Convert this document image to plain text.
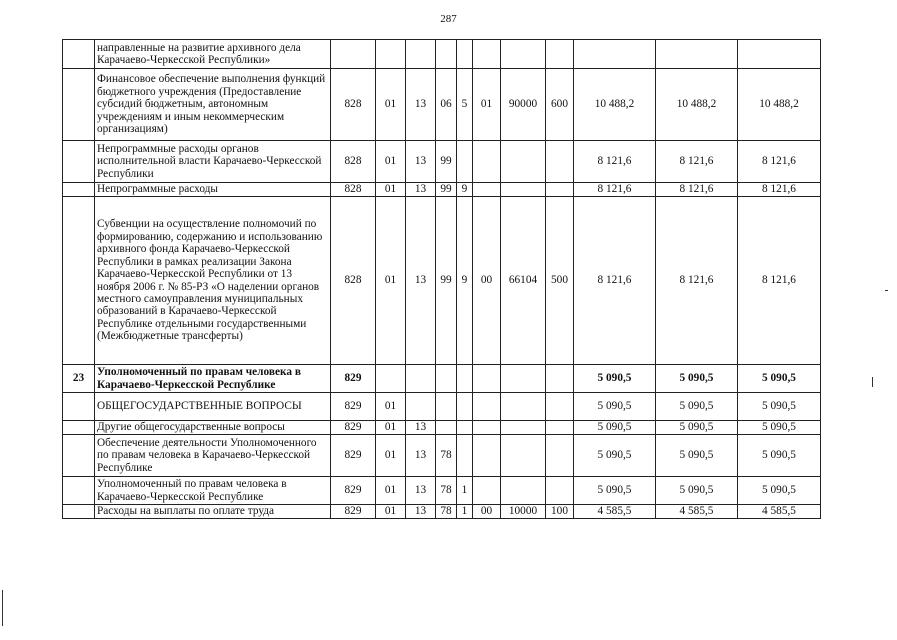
287
	направленные на развитие архивного дела Карачаево-Черкесской Республики»											
	Финансовое обеспечение выполнения функций бюджетного учреждения (Предоставление субсидий бюджетным, автономным учреждениям и иным некоммерческим организациям)	828	01	13	06	5	01	90000	600	10 488,2	10 488,2	10 488,2
	Непрограммные расходы органов исполнительной власти Карачаево-Черкесской Республики	828	01	13	99					8 121,6	8 121,6	8 121,6
	Непрограммные расходы	828	01	13	99	9				8 121,6	8 121,6	8 121,6
	Субвенции на осуществление полномочий по формированию, содержанию и использованию архивного фонда Карачаево-Черкесской Республики в рамках реализации Закона Карачаево-Черкесской Республики от 13 ноября 2006 г. № 85-РЗ «О наделении органов местного самоуправления муниципальных образований в Карачаево-Черкесской Республике отдельными государственными (Межбюджетные трансферты)	828	01	13	99	9	00	66104	500	8 121,6	8 121,6	8 121,6
23	Уполномоченный по правам человека в Карачаево-Черкесской Республике	829								5 090,5	5 090,5	5 090,5
	ОБЩЕГОСУДАРСТВЕННЫЕ ВОПРОСЫ	829	01							5 090,5	5 090,5	5 090,5
	Другие общегосударственные вопросы	829	01	13						5 090,5	5 090,5	5 090,5
	Обеспечение деятельности Уполномоченного по правам человека в Карачаево-Черкесской Республике	829	01	13	78					5 090,5	5 090,5	5 090,5
	Уполномоченный по правам человека в Карачаево-Черкесской Республике	829	01	13	78	1				5 090,5	5 090,5	5 090,5
	Расходы на выплаты по оплате труда	829	01	13	78	1	00	10000	100	4 585,5	4 585,5	4 585,5
